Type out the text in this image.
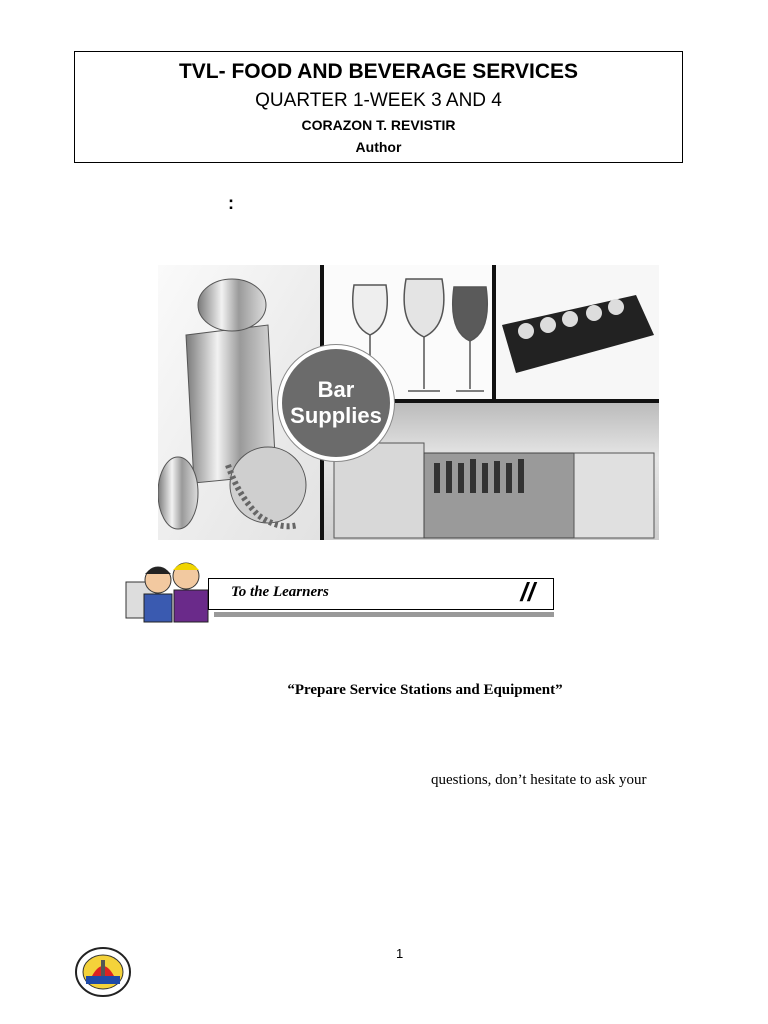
TVL- FOOD AND BEVERAGE SERVICES
QUARTER 1-WEEK 3 AND 4
CORAZON T. REVISTIR
Author
:
Bar
Supplies
To the Learners	//
“Prepare Service Stations and Equipment”
questions, don’t hesitate to ask your
1
